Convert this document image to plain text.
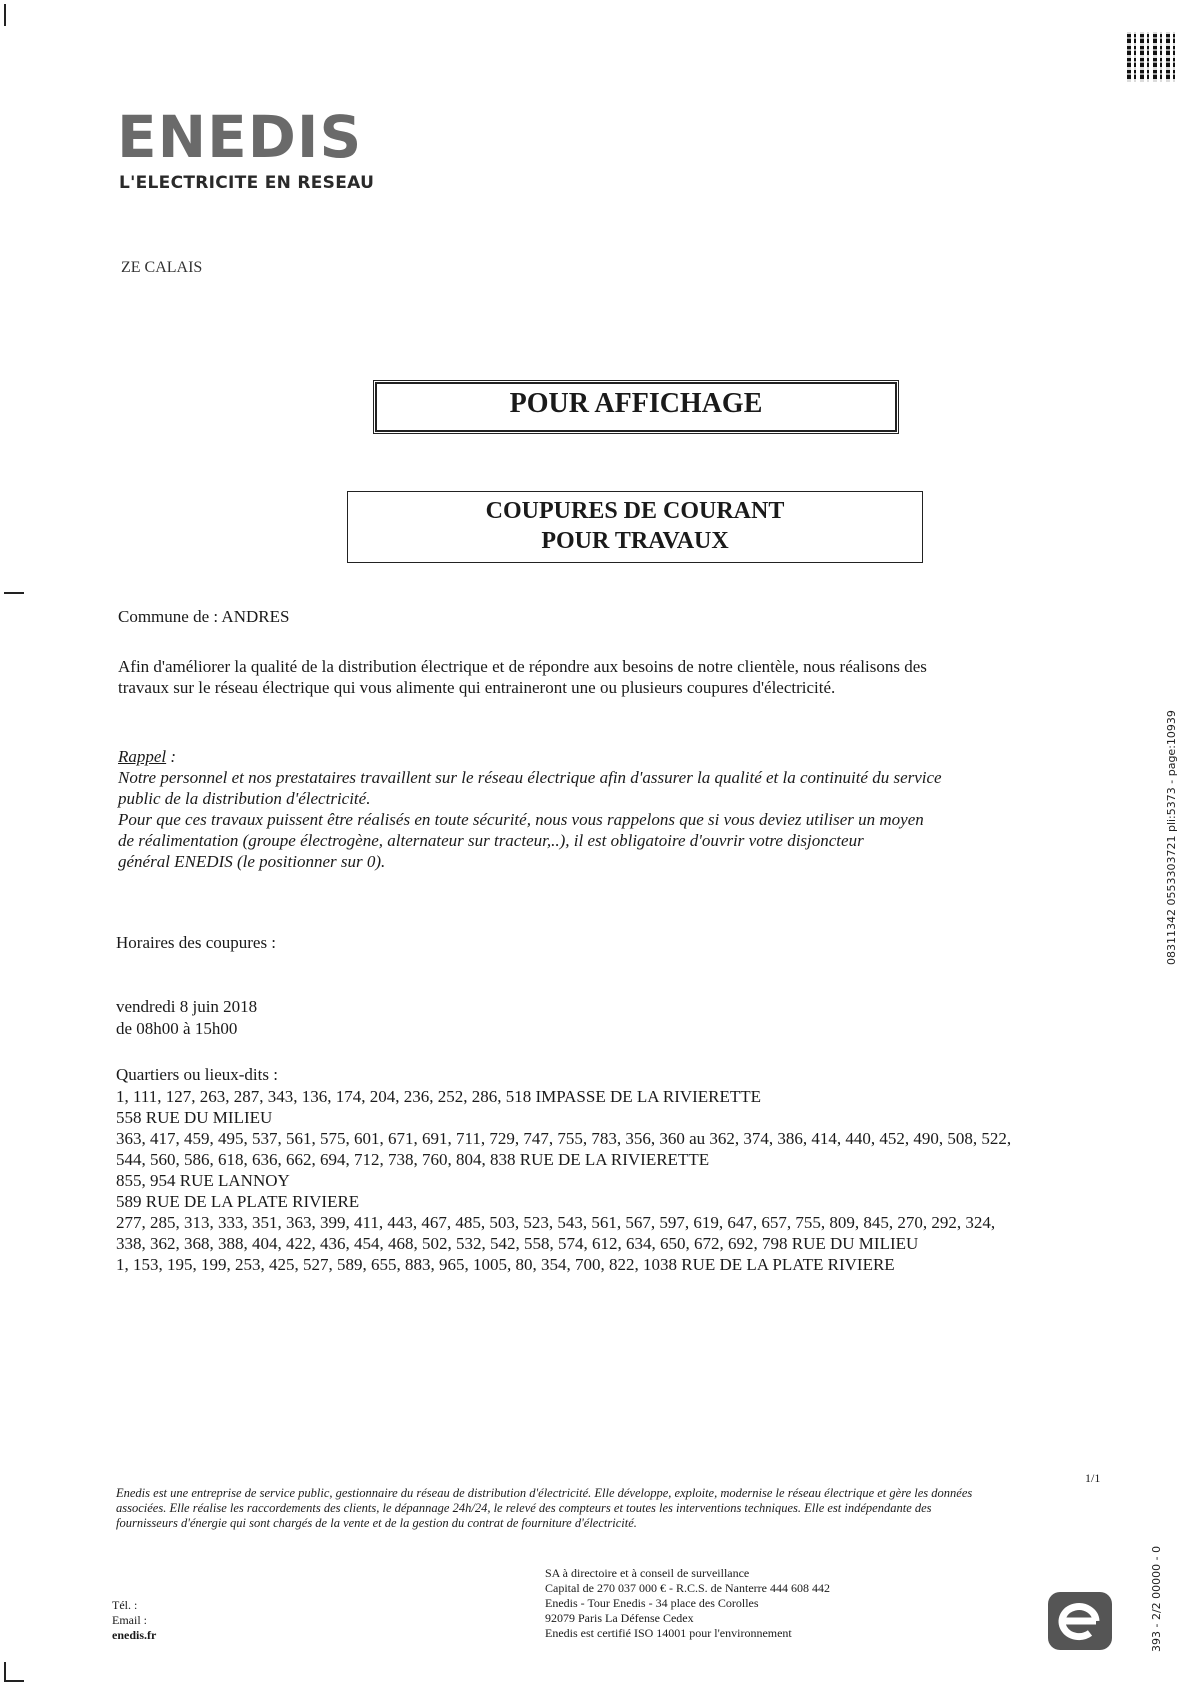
ENEDIS
L'ELECTRICITE EN RESEAU
ZE CALAIS
POUR AFFICHAGE
COUPURES DE COURANT
POUR TRAVAUX
Commune de : ANDRES
Afin d'améliorer la qualité de la distribution électrique et de répondre aux besoins de notre clientèle, nous réalisons des
travaux sur le réseau électrique qui vous alimente qui entraineront une ou plusieurs coupures d'électricité.
Rappel :
Notre personnel et nos prestataires travaillent sur le réseau électrique afin d'assurer la qualité et la continuité du service
public de la distribution d'électricité.
Pour que ces travaux puissent être réalisés en toute sécurité, nous vous rappelons que si vous deviez utiliser un moyen
de réalimentation (groupe électrogène, alternateur sur tracteur,..), il est obligatoire d'ouvrir votre disjoncteur
général ENEDIS (le positionner sur 0).
Horaires des coupures :
vendredi 8 juin 2018
de 08h00 à 15h00
Quartiers ou lieux-dits :
1, 111, 127, 263, 287, 343, 136, 174, 204, 236, 252, 286, 518 IMPASSE DE LA RIVIERETTE
558 RUE DU MILIEU
363, 417, 459, 495, 537, 561, 575, 601, 671, 691, 711, 729, 747, 755, 783, 356, 360 au 362, 374, 386, 414, 440, 452, 490, 508, 522,
544, 560, 586, 618, 636, 662, 694, 712, 738, 760, 804, 838 RUE DE LA RIVIERETTE
855, 954 RUE LANNOY
589 RUE DE LA PLATE RIVIERE
277, 285, 313, 333, 351, 363, 399, 411, 443, 467, 485, 503, 523, 543, 561, 567, 597, 619, 647, 657, 755, 809, 845, 270, 292, 324,
338, 362, 368, 388, 404, 422, 436, 454, 468, 502, 532, 542, 558, 574, 612, 634, 650, 672, 692, 798 RUE DU MILIEU
1, 153, 195, 199, 253, 425, 527, 589, 655, 883, 965, 1005, 80, 354, 700, 822, 1038 RUE DE LA PLATE RIVIERE
1/1
Enedis est une entreprise de service public, gestionnaire du réseau de distribution d'électricité. Elle développe, exploite, modernise le réseau électrique et gère les données
associées. Elle réalise les raccordements des clients, le dépannage 24h/24, le relevé des compteurs et toutes les interventions techniques. Elle est indépendante des
fournisseurs d'énergie qui sont chargés de la vente et de la gestion du contrat de fourniture d'électricité.
Tél. :
Email :
enedis.fr
SA à directoire et à conseil de surveillance
Capital de 270 037 000 € - R.C.S. de Nanterre 444 608 442
Enedis - Tour Enedis - 34 place des Corolles
92079 Paris La Défense Cedex
Enedis est certifié ISO 14001 pour l'environnement
08311342 0553303721 pli:5373 - page:10939
393 - 2/2 00000 - 0
